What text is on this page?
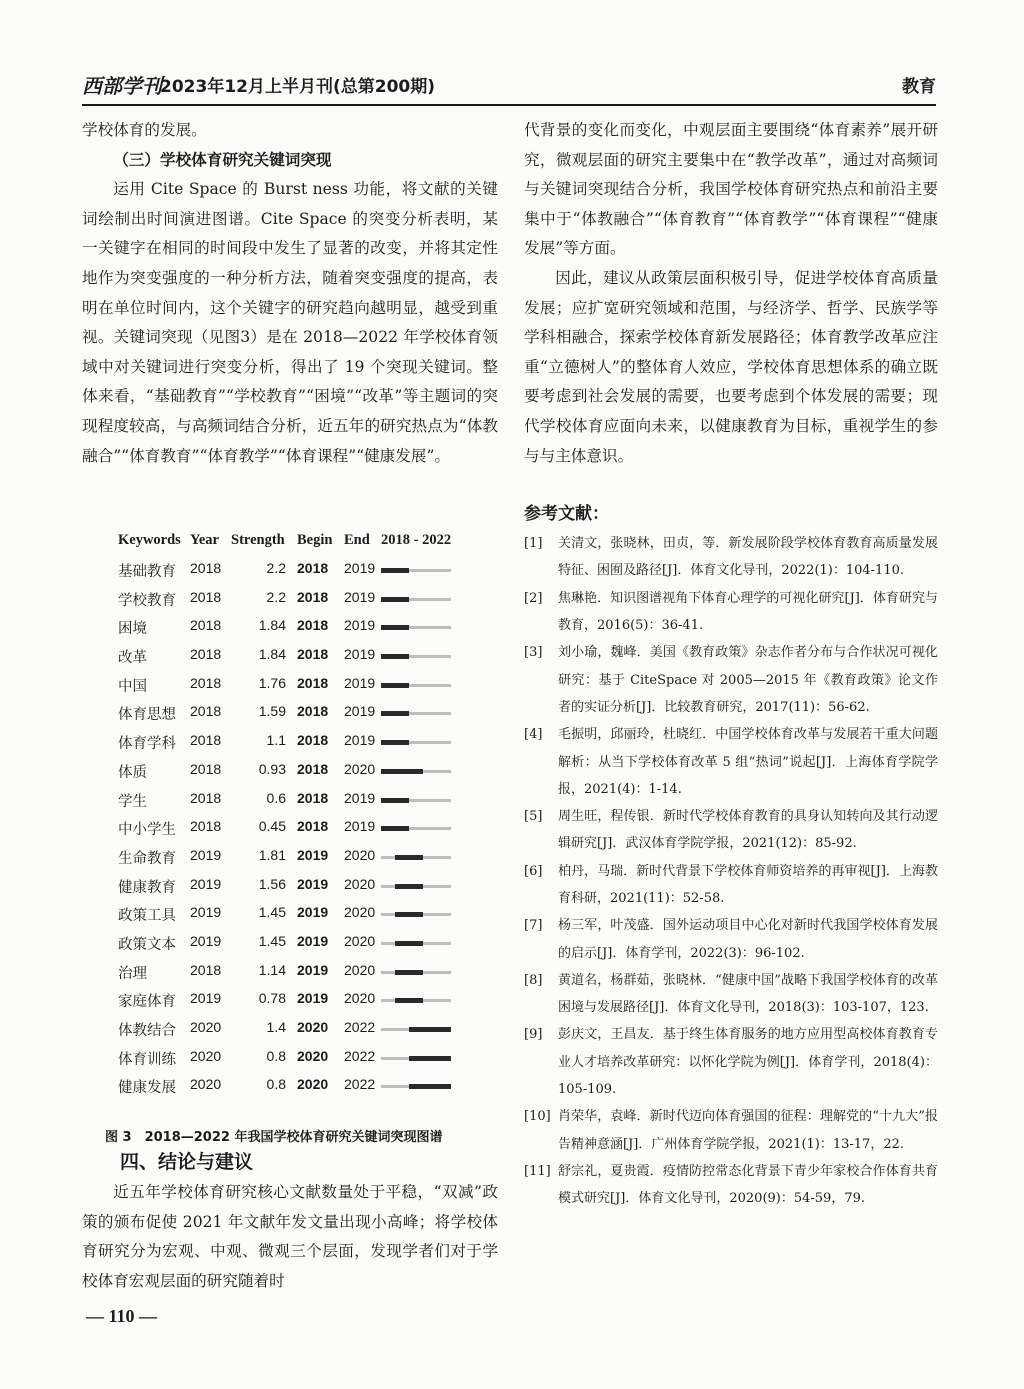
西部学刊
2023年12月上半月刊(总第200期)	教育

学校体育的发展。

（三）学校体育研究关键词突现

运用 Cite Space 的 Burst ness 功能，将文献的关键词绘制出时间演进图谱。Cite Space 的突变分析表明，某一关键字在相同的时间段中发生了显著的改变，并将其定性地作为突变强度的一种分析方法，随着突变强度的提高，表明在单位时间内，这个关键字的研究趋向越明显，越受到重视。关键词突现（见图3）是在 2018—2022 年学校体育领域中对关键词进行突变分析，得出了 19 个突现关键词。整体来看，“基础教育”“学校教育”“困境”“改革”等主题词的突现程度较高，与高频词结合分析，近五年的研究热点为“体教融合”“体育教育”“体育教学”“体育课程”“健康发展”。

Keywords Year Strength Begin End 2018 - 2022
基础教育 2018	2.2 2018 2019
学校教育 2018	2.2 2018 2019
困境	2018	1.84 2018 2019
改革	2018	1.84 2018 2019
中国	2018	1.76 2018 2019
体育思想 2018	1.59 2018 2019
体育学科 2018	1.1 2018 2019
体质	2018	0.93 2018 2020
学生	2018	0.6 2018 2019
中小学生 2018	0.45 2018 2019
生命教育 2019	1.81 2019 2020
健康教育 2019	1.56 2019 2020
政策工具 2019	1.45 2019 2020
政策文本 2019	1.45 2019 2020
治理	2018	1.14 2019 2020
家庭体育 2019	0.78 2019 2020
体教结合 2020	1.4 2020 2022
体育训练 2020	0.8 2020 2022
健康发展 2020	0.8 2020 2022
图 3　2018—2022 年我国学校体育研究关键词突现图谱
四、结论与建议

近五年学校体育研究核心文献数量处于平稳，“双减”政策的颁布促使 2021 年文献年发文量出现小高峰；将学校体育研究分为宏观、中观、微观三个层面，发现学者们对于学校体育宏观层面的研究随着时

代背景的变化而变化，中观层面主要围绕“体育素养”展开研究，微观层面的研究主要集中在“教学改革”，通过对高频词与关键词突现结合分析，我国学校体育研究热点和前沿主要集中于“体教融合”“体育教育”“体育教学”“体育课程”“健康发展”等方面。

因此，建议从政策层面积极引导，促进学校体育高质量发展；应扩宽研究领域和范围，与经济学、哲学、民族学等学科相融合，探索学校体育新发展路径；体育教学改革应注重“立德树人”的整体育人效应，学校体育思想体系的确立既要考虑到社会发展的需要，也要考虑到个体发展的需要；现代学校体育应面向未来，以健康教育为目标，重视学生的参与与主体意识。

参考文献：
[1] 关清文，张晓林，田贞，等．新发展阶段学校体育教育高质量发展特征、困囿及路径[J]．体育文化导刊，2022(1)：104-110.
[2] 焦琳艳．知识图谱视角下体育心理学的可视化研究[J]．体育研究与教育，2016(5)：36-41.
[3] 刘小瑜，魏峰．美国《教育政策》杂志作者分布与合作状况可视化研究：基于 CiteSpace 对 2005—2015 年《教育政策》论文作者的实证分析[J]．比较教育研究，2017(11)：56-62.
[4] 毛振明，邱丽玲，杜晓红．中国学校体育改革与发展若干重大问题解析：从当下学校体育改革 5 组“热词”说起[J]．上海体育学院学报，2021(4)：1-14.
[5] 周生旺，程传银．新时代学校体育教育的具身认知转向及其行动逻辑研究[J]．武汉体育学院学报，2021(12)：85-92.
[6] 柏丹，马瑞．新时代背景下学校体育师资培养的再审视[J]．上海教育科研，2021(11)：52-58.
[7] 杨三军，叶茂盛．国外运动项目中心化对新时代我国学校体育发展的启示[J]．体育学刊，2022(3)：96-102.
[8] 黄道名，杨群茹，张晓林．“健康中国”战略下我国学校体育的改革困境与发展路径[J]．体育文化导刊，2018(3)：103-107，123.
[9] 彭庆文，王昌友．基于终生体育服务的地方应用型高校体育教育专业人才培养改革研究：以怀化学院为例[J]．体育学刊，2018(4)：105-109.
[10] 肖荣华，袁峰．新时代迈向体育强国的征程：理解党的“十九大”报告精神意涵[J]．广州体育学院学报，2021(1)：13-17，22.
[11] 舒宗礼，夏贵霞．疫情防控常态化背景下青少年家校合作体育共育模式研究[J]．体育文化导刊，2020(9)：54-59，79.
— 110 —
